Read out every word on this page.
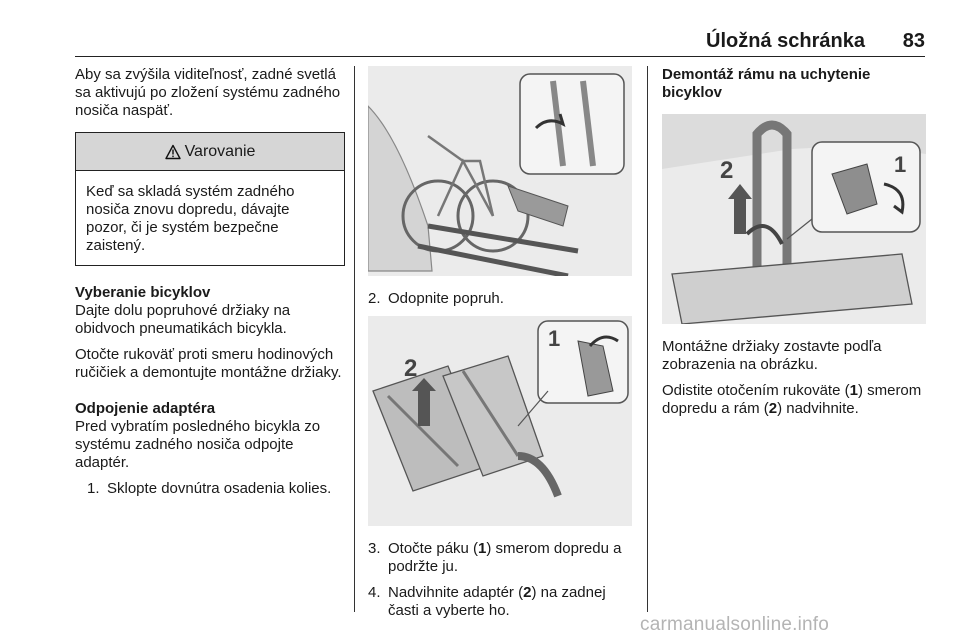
Úložná schránka 83

Aby sa zvýšila viditeľnosť, zadné svetlá sa aktivujú po zložení systému zadného nosiča naspäť.

Varovanie
Keď sa skladá systém zadného nosiča znovu dopredu, dávajte pozor, či je systém bezpečne zaistený.

Vyberanie bicyklov

Dajte dolu popruhové držiaky na obidvoch pneumatikách bicykla.

Otočte rukoväť proti smeru hodinových ručičiek a demontujte montážne držiaky.

Odpojenie adaptéra

Pred vybratím posledného bicykla zo systému zadného nosiča odpojte adaptér.

1. Sklopte dovnútra osadenia kolies.
2. Odopnite popruh.
2
1
3. Otočte páku (1) smerom dopredu a podržte ju.
4. Nadvihnite adaptér (2) na zadnej časti a vyberte ho.

Demontáž rámu na uchytenie bicyklov

2	1

Montážne držiaky zostavte podľa zobrazenia na obrázku.

Odistite otočením rukoväte (1) smerom dopredu a rám (2) nadvihnite.

carmanualsonline.info
